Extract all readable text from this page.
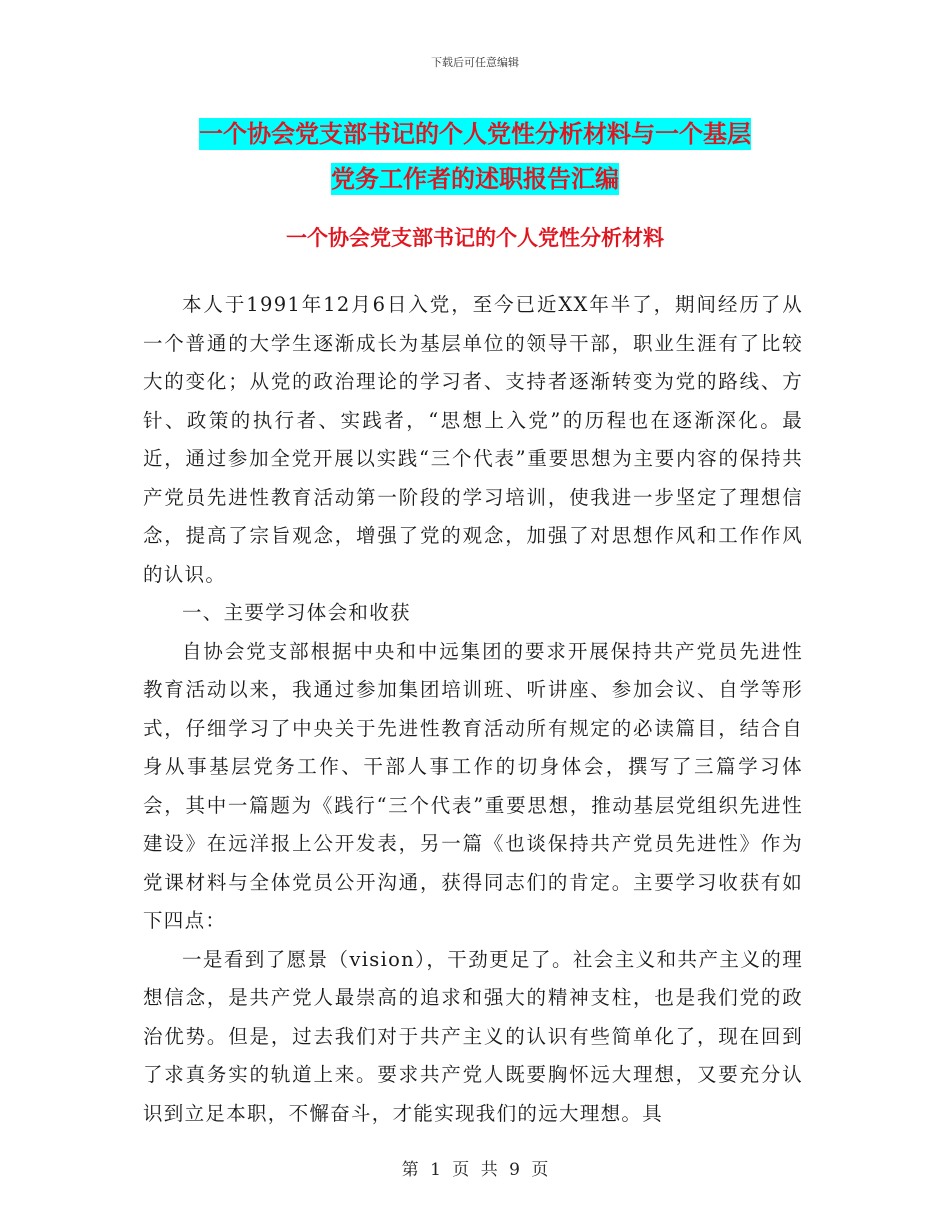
下载后可任意编辑
一个协会党支部书记的个人党性分析材料与一个基层
党务工作者的述职报告汇编
一个协会党支部书记的个人党性分析材料

本人于1991年12月6日入党，至今已近XX年半了，期间经历了从一个普通的大学生逐渐成长为基层单位的领导干部，职业生涯有了比较大的变化；从党的政治理论的学习者、支持者逐渐转变为党的路线、方针、政策的执行者、实践者，“思想上入党”的历程也在逐渐深化。最近，通过参加全党开展以实践“三个代表”重要思想为主要内容的保持共产党员先进性教育活动第一阶段的学习培训，使我进一步坚定了理想信念，提高了宗旨观念，增强了党的观念，加强了对思想作风和工作作风的认识。

一、主要学习体会和收获

自协会党支部根据中央和中远集团的要求开展保持共产党员先进性教育活动以来，我通过参加集团培训班、听讲座、参加会议、自学等形式，仔细学习了中央关于先进性教育活动所有规定的必读篇目，结合自身从事基层党务工作、干部人事工作的切身体会，撰写了三篇学习体会，其中一篇题为《践行“三个代表”重要思想，推动基层党组织先进性建设》在远洋报上公开发表，另一篇《也谈保持共产党员先进性》作为党课材料与全体党员公开沟通，获得同志们的肯定。主要学习收获有如下四点：

一是看到了愿景（vision），干劲更足了。社会主义和共产主义的理想信念，是共产党人最崇高的追求和强大的精神支柱，也是我们党的政治优势。但是，过去我们对于共产主义的认识有些简单化了，现在回到了求真务实的轨道上来。要求共产党人既要胸怀远大理想，又要充分认识到立足本职，不懈奋斗，才能实现我们的远大理想。具

第 1 页 共 9 页
